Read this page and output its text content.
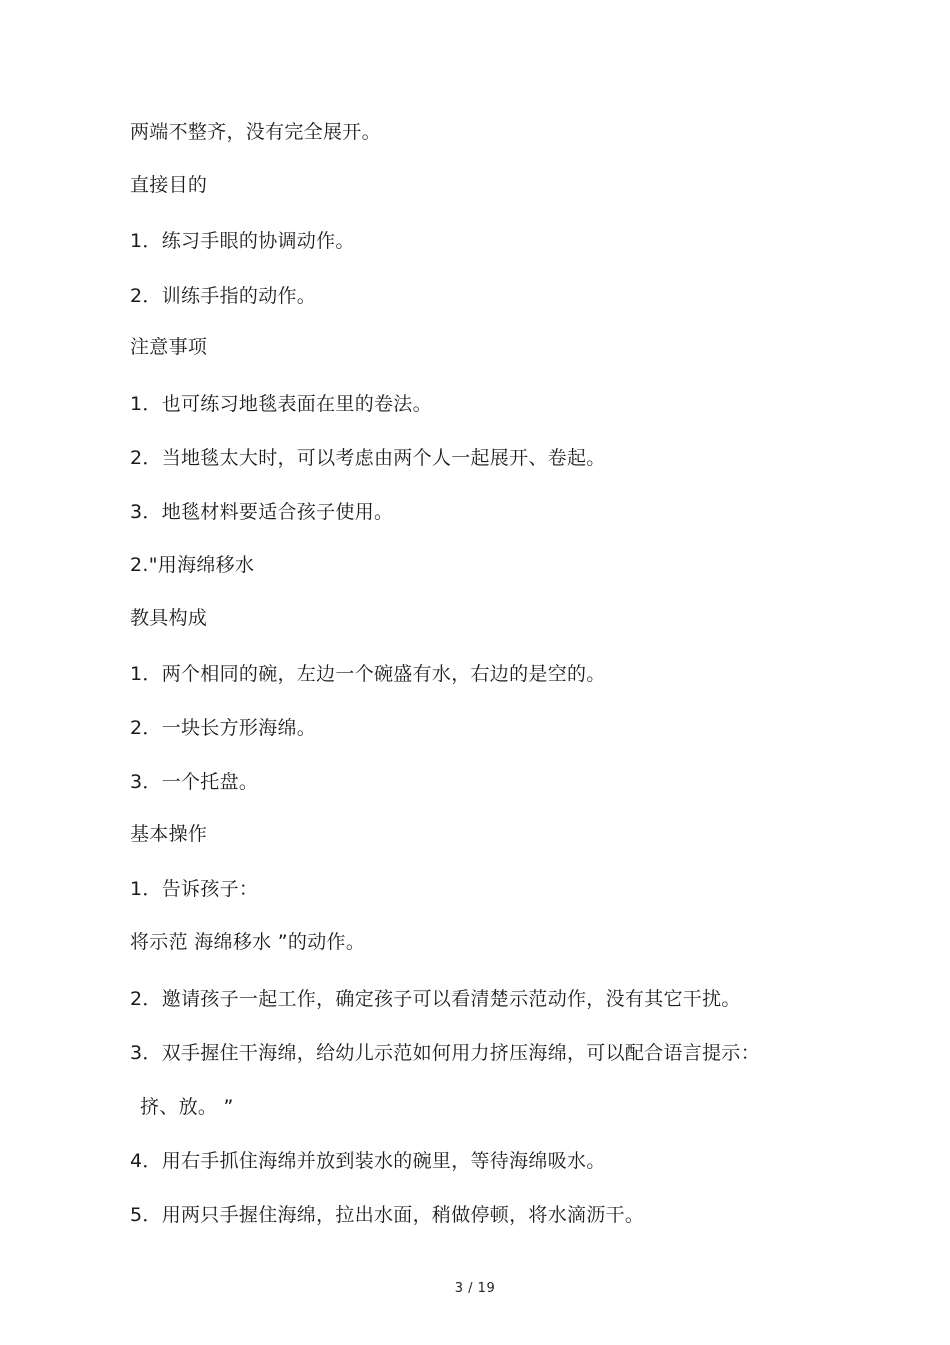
两端不整齐，没有完全展开。
直接目的
1．练习手眼的协调动作。
2．训练手指的动作。
注意事项
1．也可练习地毯表面在里的卷法。
2．当地毯太大时，可以考虑由两个人一起展开、卷起。
3．地毯材料要适合孩子使用。
2."用海绵移水
教具构成
1．两个相同的碗，左边一个碗盛有水，右边的是空的。
2．一块长方形海绵。
3．一个托盘。
基本操作
1．告诉孩子：
将示范 海绵移水 ”的动作。
2．邀请孩子一起工作，确定孩子可以看清楚示范动作，没有其它干扰。
3．双手握住干海绵，给幼儿示范如何用力挤压海绵，可以配合语言提示：
挤、放。 ”
4．用右手抓住海绵并放到装水的碗里，等待海绵吸水。
5．用两只手握住海绵，拉出水面，稍做停顿，将水滴沥干。
3 / 19
